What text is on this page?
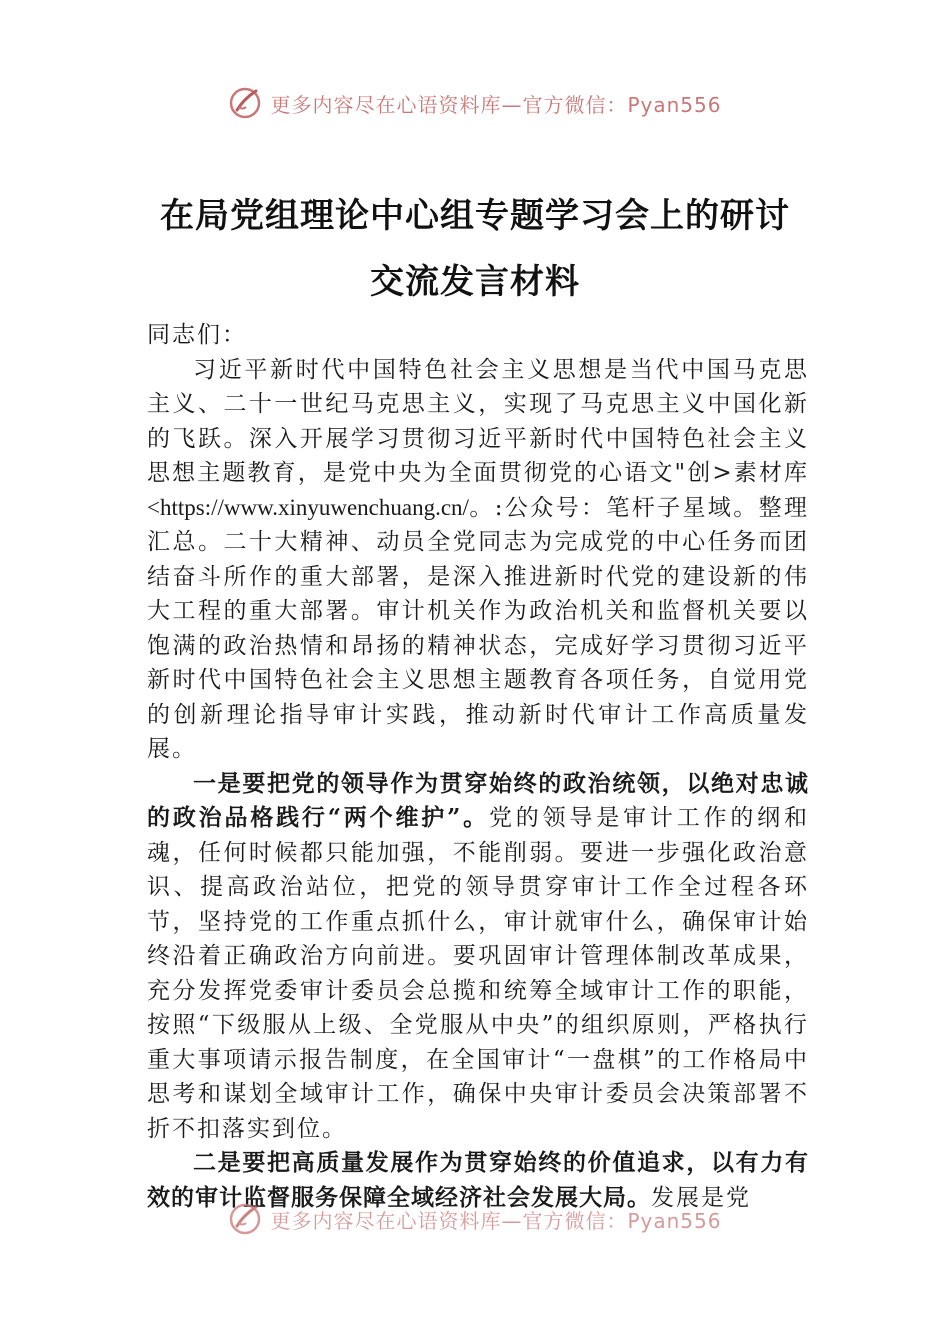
更多内容尽在心语资料库—官方微信：Pyan556
在局党组理论中心组专题学习会上的研讨
交流发言材料

同志们：

习近平新时代中国特色社会主义思想是当代中国马克思主义、二十一世纪马克思主义，实现了马克思主义中国化新的飞跃。深入开展学习贯彻习近平新时代中国特色社会主义思想主题教育，是党中央为全面贯彻党的心语文"创>素材库<https://www.xinyuwenchuang.cn/。:公众号：笔杆子星域。整理汇总。二十大精神、动员全党同志为完成党的中心任务而团结奋斗所作的重大部署，是深入推进新时代党的建设新的伟大工程的重大部署。审计机关作为政治机关和监督机关要以饱满的政治热情和昂扬的精神状态，完成好学习贯彻习近平新时代中国特色社会主义思想主题教育各项任务，自觉用党的创新理论指导审计实践，推动新时代审计工作高质量发展。

一是要把党的领导作为贯穿始终的政治统领，以绝对忠诚的政治品格践行“两个维护”。党的领导是审计工作的纲和魂，任何时候都只能加强，不能削弱。要进一步强化政治意识、提高政治站位，把党的领导贯穿审计工作全过程各环节，坚持党的工作重点抓什么，审计就审什么，确保审计始终沿着正确政治方向前进。要巩固审计管理体制改革成果，充分发挥党委审计委员会总揽和统筹全域审计工作的职能，按照“下级服从上级、全党服从中央”的组织原则，严格执行重大事项请示报告制度，在全国审计“一盘棋”的工作格局中思考和谋划全域审计工作，确保中央审计委员会决策部署不折不扣落实到位。

二是要把高质量发展作为贯穿始终的价值追求，以有力有效的审计监督服务保障全域经济社会发展大局。发展是党

更多内容尽在心语资料库—官方微信：Pyan556
